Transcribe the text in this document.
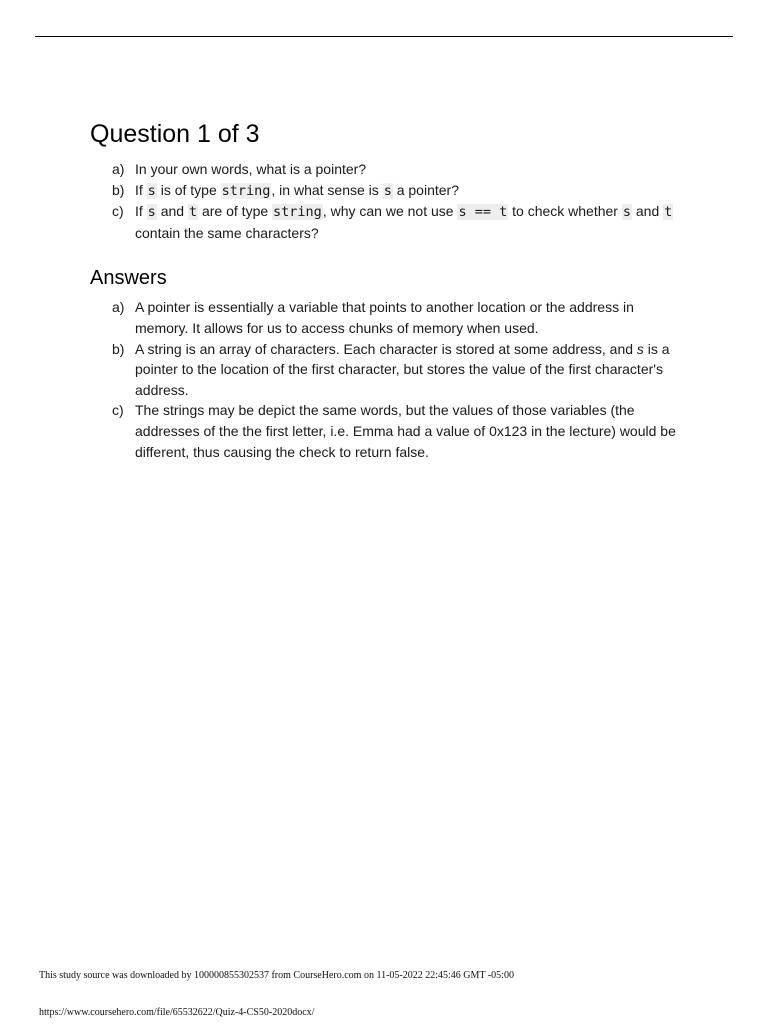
Question 1 of 3
a) In your own words, what is a pointer?
b) If s is of type string, in what sense is s a pointer?
c) If s and t are of type string, why can we not use s == t to check whether s and t contain the same characters?
Answers
a) A pointer is essentially a variable that points to another location or the address in memory. It allows for us to access chunks of memory when used.
b) A string is an array of characters. Each character is stored at some address, and s is a pointer to the location of the first character, but stores the value of the first character's address.
c) The strings may be depict the same words, but the values of those variables (the addresses of the the first letter, i.e. Emma had a value of 0x123 in the lecture) would be different, thus causing the check to return false.
This study source was downloaded by 100000855302537 from CourseHero.com on 11-05-2022 22:45:46 GMT -05:00
https://www.coursehero.com/file/65532622/Quiz-4-CS50-2020docx/
